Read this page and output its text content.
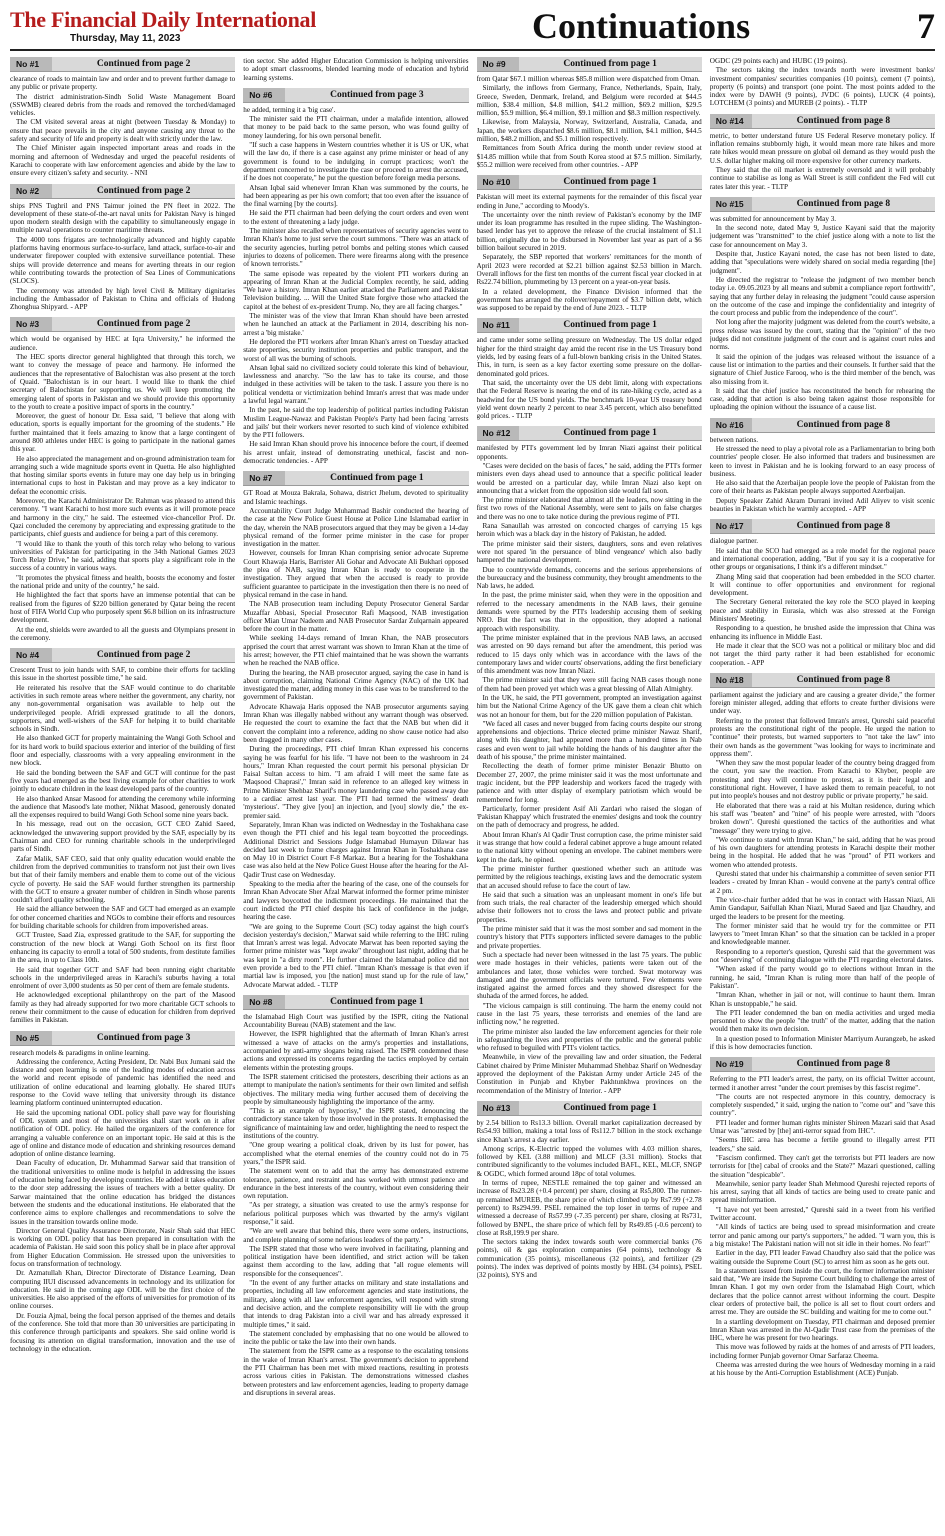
The Financial Daily International
Thursday, May 11, 2023	Continuations	7
No #1	Continued from page 2

clearance of roads to maintain law and order and to prevent further damage to any public or private property.

The district administration-Sindh Solid Waste Management Board (SSWMB) cleared debris from the roads and removed the torched/damaged vehicles.

The CM visited several areas at night (between Tuesday & Monday) to ensure that peace prevails in the city and anyone causing any threat to the safety and security of life and property is dealt with strictly under the law.

The Chief Minister again inspected important areas and roads in the morning and afternoon of Wednesday and urged the peaceful residents of Karachi to cooperate with law enforcement agencies and abide by the law to ensure every citizen's safety and security. - NNI

No #2	Continued from page 2

ships PNS Tughril and PNS Taimur joined the PN fleet in 2022. The development of these state-of-the-art naval units for Pakistan Navy is hinged upon modern stealth design with the capability to simultaneously engage in multiple naval operations to counter maritime threats.

The 4000 tons frigates are technologically advanced and highly capable platforms having enormous surface-to-surface, land attack, surface-to-air and underwater firepower coupled with extensive surveillance potential. These ships will provide deterrence and means for averting threats in our region while contributing towards the protection of Sea Lines of Communications (SLOCS).

The ceremony was attended by high level Civil & Military dignitaries including the Ambassador of Pakistan to China and officials of Hudong Zhonghua Shipyard. - APP

No #3	Continued from page 2

which would be organised by HEC at Iqra University," he informed the audience.

The HEC sports director general highlighted that through this torch, we want to convey the message of peace and harmony. He informed the audiences that the representative of Balochistan was also present at the torch of Quaid. "Balochistan is in our heart. I would like to thank the chief secretary of Balochistan for supporting us. We will keep promoting the emerging talent of sports in Pakistan and we should provide this opportunity to the youth to create a positive impact of sports in the country."

Moreover, the guest of honour Dr. Essa said, "I believe that along with education, sports is equally important for the grooming of the students." He further maintained that it feels amazing to know that a large contingent of around 800 athletes under HEC is going to participate in the national games this year.

He also appreciated the management and on-ground administration team for arranging such a wide magnitude sports event in Quetta. He also highlighted that hosting similar sports events in future may one day help us in bringing international cups to host in Pakistan and may prove as a key indicator to defeat the economic crisis.

Moreover, the Karachi Administrator Dr. Rahman was pleased to attend this ceremony. "I want Karachi to host more such events as it will promote peace and harmony in the city," he said. The esteemed vice-chancellor Prof. Dr. Qazi concluded the ceremony by appreciating and expressing gratitude to the participants, chief guests and audience for being a part of this ceremony.

"I would like to thank the youth of this torch relay who belong to various universities of Pakistan for participating in the 34th National Games 2023 Torch Relay Drive," he said, adding that sports play a significant role in the success of a country in various ways.

"It promotes the physical fitness and health, boosts the economy and foster the national pride and unity of the country," he said.

He highlighted the fact that sports have an immense potential that can be realised from the figures of $220 billion generated by Qatar being the recent host of FIFA World Cup who purposely spent $6.8 billion on its infrastructure development.

At the end, shields were awarded to all the guests and Olympians present in the ceremony.

No #4	Continued from page 2

Crescent Trust to join hands with SAF, to combine their efforts for tackling this issue in the shortest possible time," he said.

He reiterated his resolve that the SAF would continue to do charitable activities in such remote areas where neither the government, any charity, nor any non-governmental organisation was available to help out the underprivileged people. Afridi expressed gratitude to all the donors, supporters, and well-wishers of the SAF for helping it to build charitable schools in Sindh.

He also thanked GCT for properly maintaining the Wangi Goth School and for its hard work to build spacious exterior and interior of the building of first floor and especially, classrooms with a very appealing environment in the new block.

He said the bonding between the SAF and GCT will continue for the past five years had emerged as the best living example for other charities to work jointly to educate children in the least developed parts of the country.

He also thanked Ansar Masood for attending the ceremony while informing the audience that Masood's late mother, Nikhat Masood, generously donated all the expenses required to build Wangi Goth School some nine years back.

In his message, read out on the occasion, GCT CEO Zahid Saeed, acknowledged the unwavering support provided by the SAF, especially by its Chairman and CEO for running charitable schools in the underprivileged parts of Sindh.

Zafar Malik, SAF CEO, said that only quality education would enable the children from the deprived communities to transform not just their own lives but that of their family members and enable them to come out of the vicious cycle of poverty. He said the SAF would further strengthen its partnership with the GCT to ensure a greater number of children in Sindh whose parents couldn't afford quality schooling.

He said the alliance between the SAF and GCT had emerged as an example for other concerned charities and NGOs to combine their efforts and resources for building charitable schools for children from impoverished areas.

GCT Trustee, Saad Zia, expressed gratitude to the SAF, for supporting the construction of the new block at Wangi Goth School on its first floor enhancing its capacity to enroll a total of 500 students, from destitute families in the area, in up to Class 10th.

He said that together GCT and SAF had been running eight charitable schools in the underprivileged areas in Karachi's suburbs having a total enrolment of over 3,000 students as 50 per cent of them are female students.

He acknowledged exceptional philanthropy on the part of the Masood family as they had already supported for two more charitable GCT schools to renew their commitment to the cause of education for children from deprived families in Pakistan.

No #5	Continued from page 3

research models & paradigms in online learning.

Addressing the conference, Acting President, Dr. Nabi Bux Jumani said the distance and open learning is one of the leading modes of education across the world and recent episode of pandemic has identified the need and utilization of online educational and learning globally. He shared IIUI's response to the Covid wave telling that university through its distance learning platform continued uninterrupted education.

He said the upcoming national ODL policy shall pave way for flourishing of ODL system and most of the universities shall start work on it after notification of ODL policy. He hailed the organizers of the conference for arranging a valuable conference on an important topic. He said at this is the age of online and distance mode of education and shrinking resources demand adoption of online distance learning.

Dean Faculty of education, Dr. Muhammad Sarwar said that transition of the traditional universities to online mode is helpful in addressing the issues of education being faced by developing countries. He added it takes education to the door step addressing the issues of teachers with a better quality. Dr Sarwar maintained that the online education has bridged the distances between the students and the educational institutions. He elaborated that the conference aims to explore challenges and recommendations to solve the issues in the transition towards online mode.

Director General Quality Assurance Directorate, Nasir Shah said that HEC is working on ODL policy that has been prepared in consultation with the academia of Pakistan. He said soon this policy shall be in place after approval from Higher Education Commission. He stressed upon the universities to focus on transformation of technology.

Dr. Azmatullah Khan, Director Directorate of Distance Learning, Dean computing IIUI discussed advancements in technology and its utilization for education. He said in the coming age ODL will be the first choice of the universities. He also apprised of the efforts of universities for promotion of its online courses.

Dr. Fouzia Ajmal, being the focal person apprised of the themes and details of the conference. She told that more than 30 universities are participating in this conference through participants and speakers. She said online world is focusing its attention on digital transformation, innovation and the use of technology in the education.

tion sector. She added Higher Education Commission is helping universities to adopt smart classrooms, blended learning mode of education and hybrid learning systems.

No #6	Continued from page 3

he added, terming it a 'big case'.

The minister said the PTI chairman, under a malafide intention, allowed that money to be paid back to the same person, who was found guilty of money laundering, for his own personal benefit.

"If such a case happens in Western countries whether it is US or UK, what will the law do, if there is a case against any prime minister or head of any government is found to be indulging in corrupt practices; won't the department concerned to investigate the case or proceed to arrest the accused, if he does not cooperate," he put the question before foreign media persons.

Ahsan Iqbal said whenever Imran Khan was summoned by the courts, he had been appearing as per his own comfort; that too even after the issuance of the final warning [by the courts].

He said the PTI chairman had been defying the court orders and even went to the extent of threatening a lady judge.

The minister also recalled when representatives of security agencies went to Imran Khan's home to just serve the court summons. "There was an attack of the security agencies, hurling petrol bombs and pelting stones which caused injuries to dozens of policemen. There were firearms along with the presence of known terrorists."

The same episode was repeated by the violent PTI workers during an appearing of Imran Khan at the Judicial Complex recently, he said, adding "We have a history. Imran Khan earlier attacked the Parliament and Pakistan Television building. ... Will the United State forgive those who attacked the capitol at the behest of ex-president Trump. No, they are all facing charges."

The minister was of the view that Imran Khan should have been arrested when he launched an attack at the Parliament in 2014, describing his non-arrest a 'big mistake.'

He deplored the PTI workers after Imran Khan's arrest on Tuesday attacked state properties, security institution properties and public transport, and the worst of all was the burning of schools.

Ahsan Iqbal said no civilized society could tolerate this kind of behaviour, lawlessness and anarchy. "So the law has to take its course, and those indulged in these activities will be taken to the task. I assure you there is no political vendetta or victimization behind Imran's arrest that was made under a lawful legal warrant."

In the past, he said the top leadership of political parties including Pakistan Muslim League-Nawaz and Pakistan People's Party had been facing 'arrests and jails' but their workers never resorted to such kind of violence exhibited by the PTI followers.

He said Imran Khan should prove his innocence before the court, if deemed his arrest unfair, instead of demonstrating unethical, fascist and non-democratic tendencies. - APP

No #7	Continued from page 1

GT Road at Mouza Bakrala, Sohawa, district Jhelum, devoted to spirituality and Islamic teachings.

Accountability Court Judge Muhammad Bashir conducted the hearing of the case at the New Police Guest House at Police Line Islamabad earlier in the day, wherein the NAB prosecutors argued that they may be given a 14-day physical remand of the former prime minister in the case for proper investigation in the matter.

However, counsels for Imran Khan comprising senior advocate Supreme Court Khawaja Haris, Barrister Ali Gohar and Advocate Ali Bukhari opposed the plea of NAB, saying Imran Khan is ready to cooperate in the investigation. They argued that when the accused is ready to provide sufficient guarantee to participate in the investigation then there is no need of physical remand in the case in hand.

The NAB prosecution team including Deputy Prosecutor General Sardar Muzaffar Abbasi, Special Prosecutor Rafi Maqsood, NAB investigation officer Mian Umar Nadeem and NAB Prosecutor Sardar Zulqarnain appeared before the court in the matter.

While seeking 14-days remand of Imran Khan, the NAB prosecutors apprised the court that arrest warrant was shown to Imran Khan at the time of his arrest; however, the PTI chief maintained that he was shown the warrants when he reached the NAB office.

During the hearing, the NAB prosecutor argued, saying the case in hand is about corruption, claiming National Crime Agency (NAC) of the UK had investigated the matter, adding money in this case was to be transferred to the government of Pakistan.

Advocate Khawaja Haris opposed the NAB prosecutor arguments saying Imran Khan was illegally nabbed without any warrant though was observed. He requested the court to examine the fact that the NAB but when did it convert the complaint into a reference, adding no show cause notice had also been dragged in many other cases.

During the proceedings, PTI chief Imran Khan expressed his concerns saying he was fearful for his life. "I have not been to the washroom in 24 hours," Imran Khan requested the court permit his personal physician Dr Faisal Sultan access to him. "I am afraid I will meet the same fate as 'Maqsood Chaprasi'," Imran said in reference to an alleged key witness in Prime Minister Shehbaz Sharif's money laundering case who passed away due to a cardiac arrest last year. The PTI had termed the witness' death 'mysterious'. "They give [you] an injection, and [you] slowly die," the ex-premier said.

Separately, Imran Khan was indicted on Wednesday in the Toshakhana case even though the PTI chief and his legal team boycotted the proceedings. Additional District and Sessions Judge Islamabad Humayun Dilawar has decided last week to frame charges against Imran Khan in Toshakhana case on May 10 in District Court F-8 Markaz. But a hearing for the Toshakhana case was also held at the New Police Guest House after the hearing for the Al-Qadir Trust case on Wednesday.

Speaking to the media after the hearing of the case, one of the counsels for Imran Khan Advocate Sher Afzal Marwat informed the former prime minister and lawyers boycotted the indictment proceedings. He maintained that the court indicted the PTI chief despite his lack of confidence in the judge, hearing the case.

"We are going to the Supreme Court (SC) today against the high court's decision yesterday's decision," Marwat said while referring to the IHC ruling that Imran's arrest was legal. Advocate Marwat has been reported saying the former prime minister was "kept awake" throughout last night, adding that he was kept in "a dirty room". He further claimed the Islamabad police did not even provide a bed to the PTI chief. "Imran Khan's message is that even if martial law is imposed, you [the nation] must stand up for the rule of law," Advocate Marwat added. - TLTP

No #8	Continued from page 1

the Islamabad High Court was justified by the ISPR, citing the National Accountability Bureau (NAB) statement and the law.

However, the ISPR highlighted that the aftermath of Imran Khan's arrest witnessed a wave of attacks on the army's properties and installations, accompanied by anti-army slogans being raised. The ISPR condemned these actions and expressed its concerns regarding the tactics employed by certain elements within the protesting groups.

The ISPR statement criticised the protesters, describing their actions as an attempt to manipulate the nation's sentiments for their own limited and selfish objectives. The military media wing further accused them of deceiving the people by simultaneously highlighting the importance of the army.

"This is an example of hypocrisy," the ISPR stated, denouncing the contradictory stance taken by those involved in the protests. It emphasised the significance of maintaining law and order, highlighting the need to respect the institutions of the country.

"One group wearing a political cloak, driven by its lust for power, has accomplished what the eternal enemies of the country could not do in 75 years," the ISPR said.

The statement went on to add that the army has demonstrated extreme tolerance, patience, and restraint and has worked with utmost patience and endurance in the best interests of the country, without even considering their own reputation.

"As per strategy, a situation was created to use the army's response for nefarious political purposes which was thwarted by the army's vigilant response," it said.

"We are well aware that behind this, there were some orders, instructions, and complete planning of some nefarious leaders of the party."

The ISPR stated that those who were involved in facilitating, planning and political instigation have been identified, and strict action will be taken against them according to the law, adding that "all rogue elements will responsible for the consequences".

"In the event of any further attacks on military and state installations and properties, including all law enforcement agencies and state institutions, the military, along with all law enforcement agencies, will respond with strong and decisive action, and the complete responsibility will lie with the group that intends to drag Pakistan into a civil war and has already expressed it multiple times," it said.

The statement concluded by emphasising that no one would be allowed to incite the public or take the law into their own hands.

The statement from the ISPR came as a response to the escalating tensions in the wake of Imran Khan's arrest. The government's decision to apprehend the PTI Chairman has been met with mixed reactions, resulting in protests across various cities in Pakistan. The demonstrations witnessed clashes between protesters and law enforcement agencies, leading to property damage and disruptions in several areas.

No #9	Continued from page 1

from Qatar $67.1 million whereas $85.8 million were dispatched from Oman.

Similarly, the inflows from Germany, France, Netherlands, Spain, Italy, Greece, Sweden, Denmark, Ireland, and Belgium were recorded at $44.5 million, $38.4 million, $4.8 million, $41.2 million, $69.2 million, $29.5 million, $5.9 million, $6.4 million, $9.1 million and $8.3 million respectively.

Likewise, from Malaysia, Norway, Switzerland, Australia, Canada, and Japan, the workers dispatched $8.6 million, $8.1 million, $4.1 million, $44.5 million, $48.2 million, and $5.1 million respectively.

Remittances from South Africa during the month under review stood at $14.85 million while that from South Korea stood at $7.5 million. Similarly, $55.2 million were received from other countries. - APP

No #10	Continued from page 1

Pakistan will meet its external payments for the remainder of this fiscal year ending in June," according to Moody's.

The uncertainty over the ninth review of Pakistan's economy by the IMF under its loan programme has resulted in the rupee sliding. The Washington-based lender has yet to approve the release of the crucial instalment of $1.1 billion, originally due to be disbursed in November last year as part of a $6 billion bailout secured in 2019.

Separately, the SBP reported that workers' remittances for the month of April 2023 were recorded at $2.21 billion against $2.53 billion in March. Overall inflows for the first ten months of the current fiscal year clocked in at Rs22.74 billion, plummeting by 13 percent on a year-on-year basis.

In a related development, the Finance Division informed that the government has arranged the rollover/repayment of $3.7 billion debt, which was supposed to be repaid by the end of June 2023. - TLTP

No #11	Continued from page 1

and came under some selling pressure on Wednesday. The US dollar edged higher for the third straight day amid the recent rise in the US Treasury bond yields, led by easing fears of a full-blown banking crisis in the United States. This, in turn, is seen as a key factor exerting some pressure on the dollar-denominated gold prices.

That said, the uncertainty over the US debt limit, along with expectations that the Federal Reserve is nearing the end of its rate-hiking cycle, acted as a headwind for the US bond yields. The benchmark 10-year US treasury bond yield went down nearly 2 percent to near 3.45 percent, which also benefitted gold prices. - TLTP

No #12	Continued from page 1

manifested by PTI's government led by Imran Niazi against their political opponents.

"Cases were decided on the basis of faces," he said, adding the PTI's former ministers even days ahead used to announce that a specific political leader would be arrested on a particular day, while Imran Niazi also kept on announcing that a wicket from the opposition side would fall soon.

The prime minister elaborated that almost all the leaders, now sitting in the first two rows of the National Assembly, were sent to jails on false charges and there was no one to take notice during the previous regime of PTI.

Rana Sanaullah was arrested on concocted charges of carrying 15 kgs heroin which was a black day in the history of Pakistan, he added.

The prime minister said their sisters, daughters, sons and even relatives were not spared 'in the persuance of blind vengeance' which also badly hampered the national development.

Due to countrywide demands, concerns and the serious apprehensions of the bureaucracy and the business community, they brought amendments to the Nab laws, he added.

In the past, the prime minister said, when they were in the opposition and referred to the necessary amendments in the NAB laws, their genuine demands were spurned by the PTI's leadership accusing them of seeking NRO. But the fact was that in the opposition, they adopted a national approach with responsibility.

The prime minister explained that in the previous NAB laws, an accused was arrested on 90 days remand but after the amendment, this period was reduced to 15 days only which was in accordance with the laws of the contemporary laws and wider courts' observations, adding the first beneficiary of this amendment was now Imran Niazi.

The prime minister said that they were still facing NAB cases though none of them had been proved yet which was a great blessing of Allah Almighty.

In the UK, he said, the PTI government, prompted an investigation against him but the National Crime Agency of the UK gave them a clean chit which was not an honour for them, but for the 220 million population of Pakistan.

"We faced all cases and never bugged from facing courts despite our strong apprehensions and objections. Thrice elected prime minister Nawaz Sharif, along with his daughter, had appeared more than a hundred times in Nab cases and even went to jail while holding the hands of his daughter after the death of his spouse," the prime minister maintained.

Recollecting the death of former prime minister Benazir Bhutto on December 27, 2007, the prime minister said it was the most unfortunate and tragic incident, but the PPP leadership and workers faced the tragedy with patience and with utter display of exemplary patriotism which would be remembered for long.

Particularly, former president Asif Ali Zardari who raised the slogan of 'Pakistan Khappay' which frustrated the enemies' designs and took the country on the path of democracy and progress, he added.

About Imran Khan's Al Qadir Trust corruption case, the prime minister said it was strange that how could a federal cabinet approve a huge amount related to the national kitty without opening an envelope. The cabinet members were kept in the dark, he opined.

The prime minister further questioned whether such an attitude was permitted by the religious teachings, existing laws and the democratic system that an accused should refuse to face the court of law.

He said that such a situation was an unpleasant moment in one's life but from such trials, the real character of the leadership emerged which should advise their followers not to cross the laws and protect public and private properties.

The prime minister said that it was the most somber and sad moment in the country's history that PTI's supporters inflicted severe damages to the public and private properties.

Such a spectacle had never been witnessed in the last 75 years. The public were made hostages in their vehicles, patients were taken out of the ambulances and later, those vehicles were torched. Swat motorway was damaged and the government officials were tortured. Few elements were instigated against the armed forces and they showed disrespect for the shuhada of the armed forces, he added.

"The vicious campaign is still continuing. The harm the enemy could not cause in the last 75 years, these terrorists and enemies of the land are inflicting now," he regretted.

The prime minister also lauded the law enforcement agencies for their role in safeguarding the lives and properties of the public and the general public who refused to beguiled with PTI's violent tactics.

Meanwhile, in view of the prevailing law and order situation, the Federal Cabinet chaired by Prime Minister Muhammad Shehbaz Sharif on Wednesday approved the deployment of the Pakistan Army under Article 245 of the Constitution in Punjab and Khyber Pakhtunkhwa provinces on the recommendation of the Ministry of Interior. - APP

No #13	Continued from page 1

by 2.54 billion to Rs13.3 billion. Overall market capitalization decreased by Rs54.93 billion, making a total loss of Rs112.7 billion in the stock exchange since Khan's arrest a day earlier.

Among scrips, K-Electric topped the volumes with 4.03 million shares, followed by KEL (3.88 million) and MLCF (3.31 million). Stocks that contributed significantly to the volumes included BAFL, KEL, MLCF, SNGP & OGDC, which formed around 18pc of total volumes.

In terms of rupee, NESTLE remained the top gainer and witnessed an increase of Rs23.28 (+0.4 percent) per share, closing at Rs5,800. The runner-up remained MUREB, the share price of which climbed up by Rs7.99 (+2.78 percent) to Rs294.99. PSEL remained the top loser in terms of rupee and witnessed a decrease of Rs57.99 (-7.35 percent) per share, closing at Rs731, followed by BNPL, the share price of which fell by Rs49.85 (-0.6 percent) to close at Rs8,199.9 per share.

The sectors taking the index towards south were commercial banks (76 points), oil & gas exploration companies (64 points), technology & communication (35 points), miscellaneous (32 points), and fertilizer (29 points). The index was deprived of points mostly by HBL (34 points), PSEL (32 points), SYS and

OGDC (29 points each) and HUBC (19 points).

The sectors taking the index towards north were investment banks/ investment companies/ securities companies (10 points), cement (7 points), property (6 points) and transport (one point. The most points added to the index were by DAWH (9 points), JVDC (6 points), LUCK (4 points), LOTCHEM (3 points) and MUREB (2 points). - TLTP

No #14	Continued from page 8

metric, to better understand future US Federal Reserve monetary policy. If inflation remains stubbornly high, it would mean more rate hikes and more rate hikes would mean pressure on global oil demand as they would push the U.S. dollar higher making oil more expensive for other currency markets.

They said that the oil market is extremely oversold and it will probably continue to stabilise as long as Wall Street is still confident the Fed will cut rates later this year. - TLTP

No #15	Continued from page 8

was submitted for announcement by May 3.

In the second note, dated May 9, Justice Kayani said that the majority judgement was "transmitted" to the chief justice along with a note to list the case for announcement on May 3.

Despite that, Justice Kayani noted, the case has not been listed to date, adding that "speculations were widely shared on social media regarding [the] judgment".

He directed the registrar to "release the judgment of two member bench today i.e. 09.05.2023 by all means and submit a compliance report forthwith", saying that any further delay in releasing the judgment "could cause aspersion on the outcome of the case and impinge the confidentiality and integrity of the court process and public from the independence of the court".

Not long after the majority judgment was deleted from the court's website, a press release was issued by the court, stating that the "opinion" of the two judges did not constitute judgment of the court and is against court rules and norms.

It said the opinion of the judges was released without the issuance of a cause list or intimation to the parties and their counsels. It further said that the signature of Chief Justice Farooq, who is the third member of the bench, was also missing from it.

It said that the chief justice has reconstituted the bench for rehearing the case, adding that action is also being taken against those responsible for uploading the opinion without the issuance of a cause list.

No #16	Continued from page 8

between nations.

He stressed the need to play a pivotal role as a Parliamentarian to bring both countries' people closer. He also informed that traders and businessmen are keen to invest in Pakistan and he is looking forward to an easy process of business.

He also said that the Azerbaijan people love the people of Pakistan from the core of their hearts as Pakistan people always supported Azerbaijan.

Deputy Speaker Zahid Akram Durrani invited Adil Aliyev to visit scenic beauties in Pakistan which he warmly accepted. - APP

No #17	Continued from page 8

dialogue partner.

He said that the SCO had emerged as a role model for the regional peace and international cooperation, adding, "But if you say it is a cooperative for other groups or organisations, I think it's a different mindset."

Zhang Ming said that cooperation had been embedded in the SCO charter. It will continue to offer opportunities and environment for regional development.

The Secretary General reiterated the key role the SCO played in keeping peace and stability in Eurasia, which was also stressed at the Foreign Ministers' Meeting.

Responding to a question, he brushed aside the impression that China was enhancing its influence in Middle East.

He made it clear that the SCO was not a political or military bloc and did not target the third party rather it had been established for economic cooperation. - APP

No #18	Continued from page 8

parliament against the judiciary and are causing a greater divide," the former foreign minister alleged, adding that efforts to create further divisions were under way.

Referring to the protest that followed Imran's arrest, Qureshi said peaceful protests are the constitutional right of the people. He urged the nation to "continue" their protests, but warned supporters to "not take the law" into their own hands as the government "was looking for ways to incriminate and oppress them".

"When they saw the most popular leader of the country being dragged from the court, you saw the reaction. From Karachi to Khyber, people are protesting and they will continue to protest, as it is their legal and constitutional right. However, I have asked them to remain peaceful, to not put into people's houses and not destroy public or private property," he said.

He elaborated that there was a raid at his Multan residence, during which his staff was "beaten" and "nine" of his people were arrested, with "doors broken down". Qureshi questioned the tactics of the authorities and what "message" they were trying to give.

"We continue to stand with Imran Khan," he said, adding that he was proud of his own daughters for attending protests in Karachi despite their mother being in the hospital. He added that he was "proud" of PTI workers and women who attended protests.

Qureshi stated that under his chairmanship a committee of seven senior PTI leaders - created by Imran Khan - would convene at the party's central office at 2 pm.

The vice-chair further added that he was in contact with Hassan Niazi, Ali Amin Gandapur, Saifullah Khan Niazi, Murad Saeed and Ijaz Chaudhry, and urged the leaders to be present for the meeting.

The former minister said that he would try for the committee or PTI lawyers to "meet Imran Khan" so that the situation can be tackled in a proper and knowledgeable manner.

Responding to a reporter's question, Qureshi said that the government was not "deserving" of continuing dialogue with the PTI regarding electoral dates.

"When asked if the party would go to elections without Imran in the running, he said, "Imran Khan is ruling more than half of the people of Pakistan".

"Imran Khan, whether in jail or not, will continue to haunt them. Imran Khan is unstoppable," he said.

The PTI leader condemned the ban on media activities and urged media personnel to show the people "the truth" of the matter, adding that the nation would then make its own decision.

In a question posed to Information Minister Marriyum Aurangzeb, he asked if this is how democracies function.

No #19	Continued from page 8

Referring to the PTI leader's arrest, the party, on its official Twitter account, termed it another arrest "under the court premises by this fascist regime".

"The courts are not respected anymore in this country, democracy is completely suspended," it said, urging the nation to "come out" and "save this country".

PTI leader and former human rights minister Shireen Mazari said that Asad Umar was "arrested by [the] anti-terror squad from IHC".

"Seems IHC area has become a fertile ground to illegally arrest PTI leaders," she said.

"Fascism confirmed. They can't get the terrorists but PTI leaders are now terrorists for [the] cabal of crooks and the State?" Mazari questioned, calling the situation "despicable".

Meanwhile, senior party leader Shah Mehmood Qureshi rejected reports of his arrest, saying that all kinds of tactics are being used to create panic and spread misinformation.

"I have not yet been arrested," Qureshi said in a tweet from his verified Twitter account.

"All kinds of tactics are being used to spread misinformation and create terror and panic among our party's supporters," he added. "I warn you, this is a big mistake! The Pakistani nation will not sit idle in their homes. No fear!"

Earlier in the day, PTI leader Fawad Chaudhry also said that the police was waiting outside the Supreme Court (SC) to arrest him as soon as he gets out.

In a statement issued from inside the court, the former information minister said that, "We are inside the Supreme Court building to challenge the arrest of Imran Khan. I got my own order from the Islamabad High Court, which declares that the police cannot arrest without informing the court. Despite clear orders of protective bail, the police is all set to flout court orders and arrest me. They are outside the SC building and waiting for me to come out."

In a startling development on Tuesday, PTI chairman and deposed premier Imran Khan was arrested in the Al-Qadir Trust case from the premises of the IHC, where he was present for two hearings.

This move was followed by raids at the homes of and arrests of PTI leaders, including former Punjab governor Omar Sarfaraz Cheema.

Cheema was arrested during the wee hours of Wednesday morning in a raid at his house by the Anti-Corruption Establishment (ACE) Punjab.
